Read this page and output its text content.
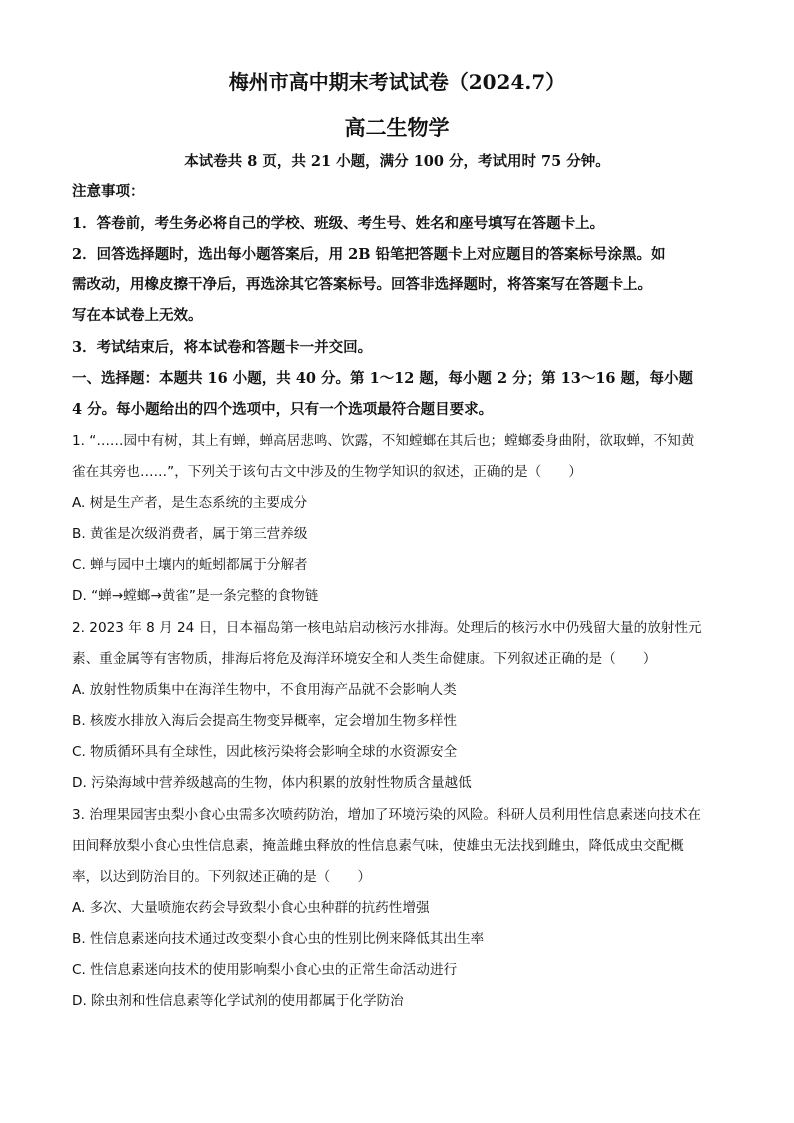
梅州市高中期末考试试卷（2024.7）
高二生物学
本试卷共 8 页，共 21 小题，满分 100 分，考试用时 75 分钟。
注意事项：
1．答卷前，考生务必将自己的学校、班级、考生号、姓名和座号填写在答题卡上。
2．回答选择题时，选出每小题答案后，用 2B 铅笔把答题卡上对应题目的答案标号涂黑。如
需改动，用橡皮擦干净后，再选涂其它答案标号。回答非选择题时，将答案写在答题卡上。
写在本试卷上无效。
3．考试结束后，将本试卷和答题卡一并交回。
一、选择题：本题共 16 小题，共 40 分。第 1～12 题，每小题 2 分；第 13～16 题，每小题
4 分。每小题给出的四个选项中，只有一个选项最符合题目要求。
1. “……园中有树，其上有蝉，蝉高居悲鸣、饮露，不知螳螂在其后也；螳螂委身曲附，欲取蝉，不知黄
雀在其旁也……”，下列关于该句古文中涉及的生物学知识的叙述，正确的是（　　）
A. 树是生产者，是生态系统的主要成分
B. 黄雀是次级消费者，属于第三营养级
C. 蝉与园中土壤内的蚯蚓都属于分解者
D. “蝉→螳螂→黄雀”是一条完整的食物链
2. 2023 年 8 月 24 日，日本福岛第一核电站启动核污水排海。处理后的核污水中仍残留大量的放射性元
素、重金属等有害物质，排海后将危及海洋环境安全和人类生命健康。下列叙述正确的是（　　）
A. 放射性物质集中在海洋生物中，不食用海产品就不会影响人类
B. 核废水排放入海后会提高生物变异概率，定会增加生物多样性
C. 物质循环具有全球性，因此核污染将会影响全球的水资源安全
D. 污染海域中营养级越高的生物，体内积累的放射性物质含量越低
3. 治理果园害虫梨小食心虫需多次喷药防治，增加了环境污染的风险。科研人员利用性信息素迷向技术在
田间释放梨小食心虫性信息素，掩盖雌虫释放的性信息素气味，使雄虫无法找到雌虫，降低成虫交配概
率，以达到防治目的。下列叙述正确的是（　　）
A. 多次、大量喷施农药会导致梨小食心虫种群的抗药性增强
B. 性信息素迷向技术通过改变梨小食心虫的性别比例来降低其出生率
C. 性信息素迷向技术的使用影响梨小食心虫的正常生命活动进行
D. 除虫剂和性信息素等化学试剂的使用都属于化学防治
